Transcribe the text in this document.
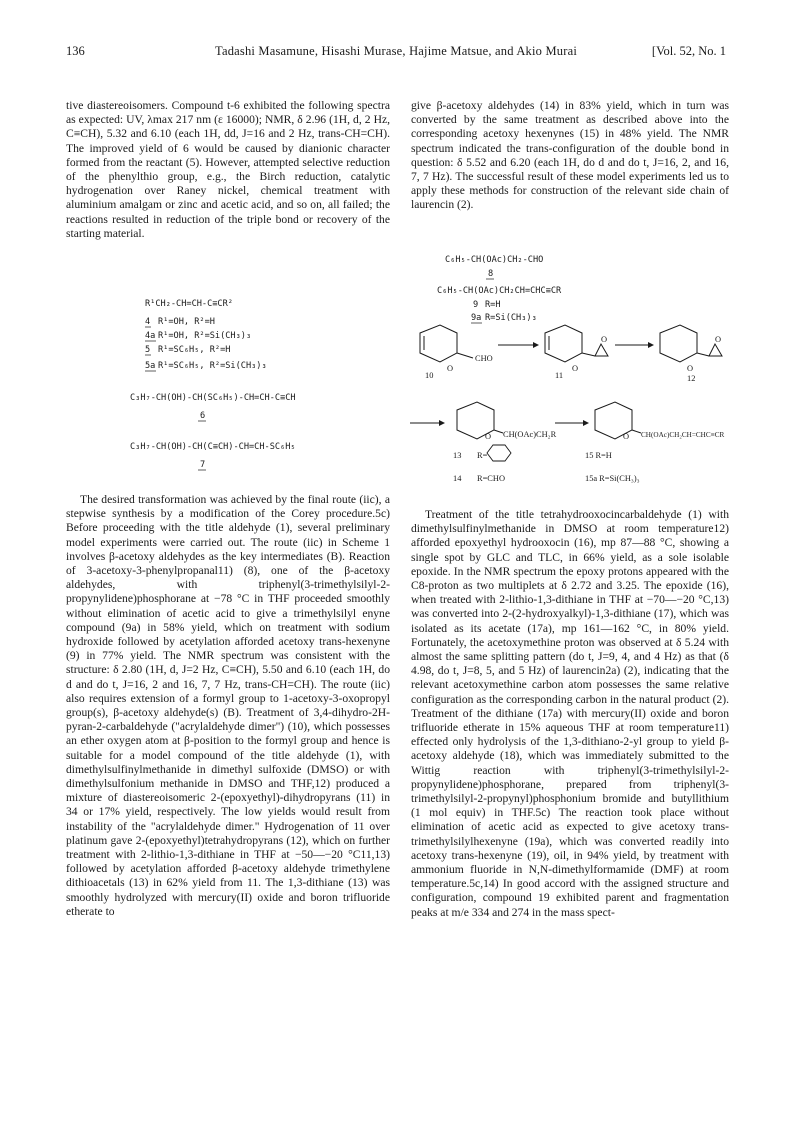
136	Tadashi Masamune, Hisashi Murase, Hajime Matsue, and Akio Murai	[Vol. 52, No. 1

tive diastereoisomers. Compound t-6 exhibited the following spectra as expected: UV, λmax 217 nm (ε 16000); NMR, δ 2.96 (1H, d, 2 Hz, C≡CH), 5.32 and 6.10 (each 1H, dd, J=16 and 2 Hz, trans-CH=CH). The improved yield of 6 would be caused by dianionic character formed from the reactant (5). However, attempted selective reduction of the phenylthio group, e.g., the Birch reduction, catalytic hydrogenation over Raney nickel, chemical treatment with aluminium amalgam or zinc and acetic acid, and so on, all failed; the reactions resulted in reduction of the triple bond or recovery of the starting material.

give β-acetoxy aldehydes (14) in 83% yield, which in turn was converted by the same treatment as described above into the corresponding acetoxy hexenynes (15) in 48% yield. The NMR spectrum indicated the trans-configuration of the double bond in question: δ 5.52 and 6.20 (each 1H, do d and do t, J=16, 2, and 16, 7, 7 Hz). The successful result of these model experiments led us to apply these methods for construction of the relevant side chain of laurencin (2).

R¹CH₂-CH=CH-C≡CR²
4 R¹=OH, R²=H
4a R¹=OH, R²=Si(CH₃)₃
5 R¹=SC₆H₅, R²=H
5a R¹=SC₆H₅, R²=Si(CH₃)₃
C₃H₇-CH(OH)-CH(SC₆H₅)-CH=CH-C≡CH
6
C₃H₇-CH(OH)-CH(C≡CH)-CH=CH-SC₆H₅
7
C₆H₅-CH(OAc)CH₂-CHO
8
C₆H₅-CH(OAc)CH₂CH=CHC≡CR
9 R=H
9a R=Si(CH₃)₃
O
CHO
10
O
O
11
O
O
12
O CH(OAc)CH₂R
13 R=
14 R=CHO
O CH(OAc)CH₂CH=CHC≡CR
15 R=H
15a R=Si(CH₃)₃

The desired transformation was achieved by the final route (iic), a stepwise synthesis by a modification of the Corey procedure.5c) Before proceeding with the title aldehyde (1), several preliminary model experiments were carried out. The route (iic) in Scheme 1 involves β-acetoxy aldehydes as the key intermediates (B). Reaction of 3-acetoxy-3-phenylpropanal11) (8), one of the β-acetoxy aldehydes, with triphenyl(3-trimethylsilyl-2-propynylidene)phosphorane at −78 °C in THF proceeded smoothly without elimination of acetic acid to give a trimethylsilyl enyne compound (9a) in 58% yield, which on treatment with sodium hydroxide followed by acetylation afforded acetoxy trans-hexenyne (9) in 77% yield. The NMR spectrum was consistent with the structure: δ 2.80 (1H, d, J=2 Hz, C≡CH), 5.50 and 6.10 (each 1H, do d and do t, J=16, 2 and 16, 7, 7 Hz, trans-CH=CH). The route (iic) also requires extension of a formyl group to 1-acetoxy-3-oxopropyl group(s), β-acetoxy aldehyde(s) (B). Treatment of 3,4-dihydro-2H-pyran-2-carbaldehyde ("acrylaldehyde dimer") (10), which possesses an ether oxygen atom at β-position to the formyl group and hence is suitable for a model compound of the title aldehyde (1), with dimethylsulfinylmethanide in dimethyl sulfoxide (DMSO) or with dimethylsulfonium methanide in DMSO and THF,12) produced a mixture of diastereoisomeric 2-(epoxyethyl)-dihydropyrans (11) in 34 or 17% yield, respectively. The low yields would result from instability of the "acrylaldehyde dimer." Hydrogenation of 11 over platinum gave 2-(epoxyethyl)tetrahydropyrans (12), which on further treatment with 2-lithio-1,3-dithiane in THF at −50—−20 °C11,13) followed by acetylation afforded β-acetoxy aldehyde trimethylene dithioacetals (13) in 62% yield from 11. The 1,3-dithiane (13) was smoothly hydrolyzed with mercury(II) oxide and boron trifluoride etherate to

Treatment of the title tetrahydrooxocincarbaldehyde (1) with dimethylsulfinylmethanide in DMSO at room temperature12) afforded epoxyethyl hydrooxocin (16), mp 87—88 °C, showing a single spot by GLC and TLC, in 66% yield, as a sole isolable epoxide. In the NMR spectrum the epoxy protons appeared with the C8-proton as two multiplets at δ 2.72 and 3.25. The epoxide (16), when treated with 2-lithio-1,3-dithiane in THF at −70—−20 °C,13) was converted into 2-(2-hydroxyalkyl)-1,3-dithiane (17), which was isolated as its acetate (17a), mp 161—162 °C, in 80% yield. Fortunately, the acetoxymethine proton was observed at δ 5.24 with almost the same splitting pattern (do t, J=9, 4, and 4 Hz) as that (δ 4.98, do t, J=8, 5, and 5 Hz) of laurencin2a) (2), indicating that the relevant acetoxymethine carbon atom possesses the same relative configuration as the corresponding carbon in the natural product (2). Treatment of the dithiane (17a) with mercury(II) oxide and boron trifluoride etherate in 15% aqueous THF at room temperature11) effected only hydrolysis of the 1,3-dithiano-2-yl group to yield β-acetoxy aldehyde (18), which was immediately submitted to the Wittig reaction with triphenyl(3-trimethylsilyl-2-propynylidene)phosphorane, prepared from triphenyl(3-trimethylsilyl-2-propynyl)phosphonium bromide and butyllithium (1 mol equiv) in THF.5c) The reaction took place without elimination of acetic acid as expected to give acetoxy trans-trimethylsilylhexenyne (19a), which was converted readily into acetoxy trans-hexenyne (19), oil, in 94% yield, by treatment with ammonium fluoride in N,N-dimethylformamide (DMF) at room temperature.5c,14) In good accord with the assigned structure and configuration, compound 19 exhibited parent and fragmentation peaks at m/e 334 and 274 in the mass spect-
